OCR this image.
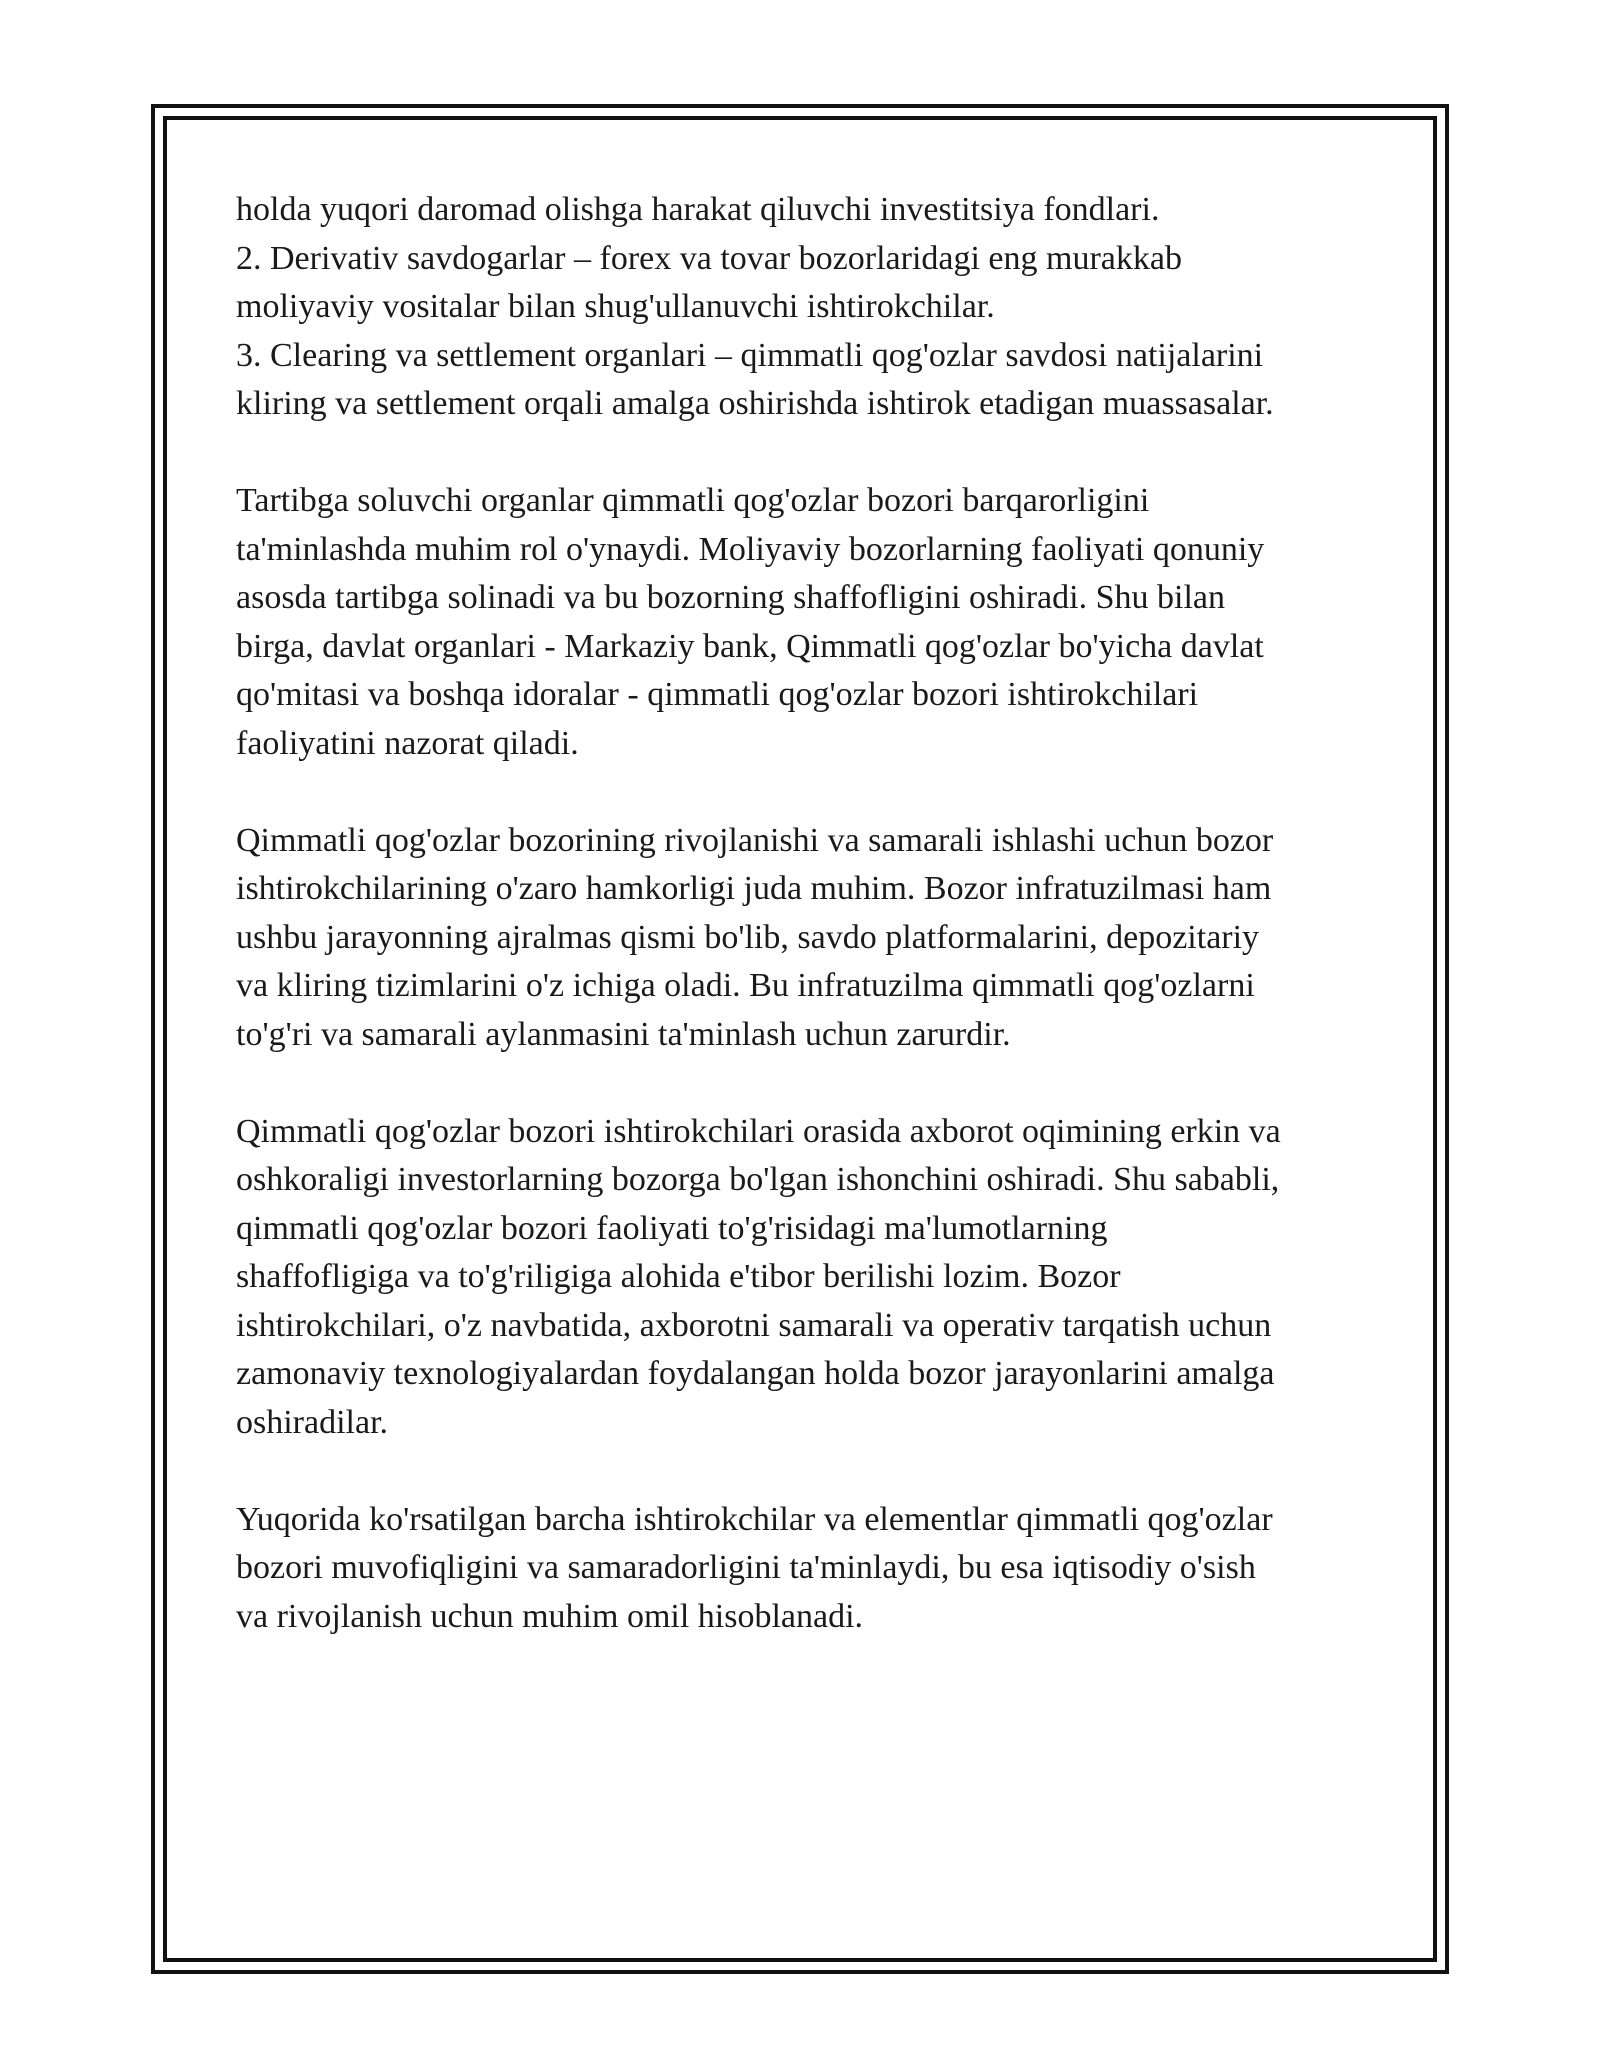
holda yuqori daromad olishga harakat qiluvchi investitsiya fondlari.
2. Derivativ savdogarlar – forex va tovar bozorlaridagi eng murakkab
moliyaviy vositalar bilan shug'ullanuvchi ishtirokchilar.
3. Clearing va settlement organlari – qimmatli qog'ozlar savdosi natijalarini
kliring va settlement orqali amalga oshirishda ishtirok etadigan muassasalar.

Tartibga soluvchi organlar qimmatli qog'ozlar bozori barqarorligini
ta'minlashda muhim rol o'ynaydi. Moliyaviy bozorlarning faoliyati qonuniy
asosda tartibga solinadi va bu bozorning shaffofligini oshiradi. Shu bilan
birga, davlat organlari - Markaziy bank, Qimmatli qog'ozlar bo'yicha davlat
qo'mitasi va boshqa idoralar - qimmatli qog'ozlar bozori ishtirokchilari
faoliyatini nazorat qiladi.

Qimmatli qog'ozlar bozorining rivojlanishi va samarali ishlashi uchun bozor
ishtirokchilarining o'zaro hamkorligi juda muhim. Bozor infratuzilmasi ham
ushbu jarayonning ajralmas qismi bo'lib, savdo platformalarini, depozitariy
va kliring tizimlarini o'z ichiga oladi. Bu infratuzilma qimmatli qog'ozlarni
to'g'ri va samarali aylanmasini ta'minlash uchun zarurdir.

Qimmatli qog'ozlar bozori ishtirokchilari orasida axborot oqimining erkin va
oshkoraligi investorlarning bozorga bo'lgan ishonchini oshiradi. Shu sababli,
qimmatli qog'ozlar bozori faoliyati to'g'risidagi ma'lumotlarning
shaffofligiga va to'g'riligiga alohida e'tibor berilishi lozim. Bozor
ishtirokchilari, o'z navbatida, axborotni samarali va operativ tarqatish uchun
zamonaviy texnologiyalardan foydalangan holda bozor jarayonlarini amalga
oshiradilar.

Yuqorida ko'rsatilgan barcha ishtirokchilar va elementlar qimmatli qog'ozlar
bozori muvofiqligini va samaradorligini ta'minlaydi, bu esa iqtisodiy o'sish
va rivojlanish uchun muhim omil hisoblanadi.
